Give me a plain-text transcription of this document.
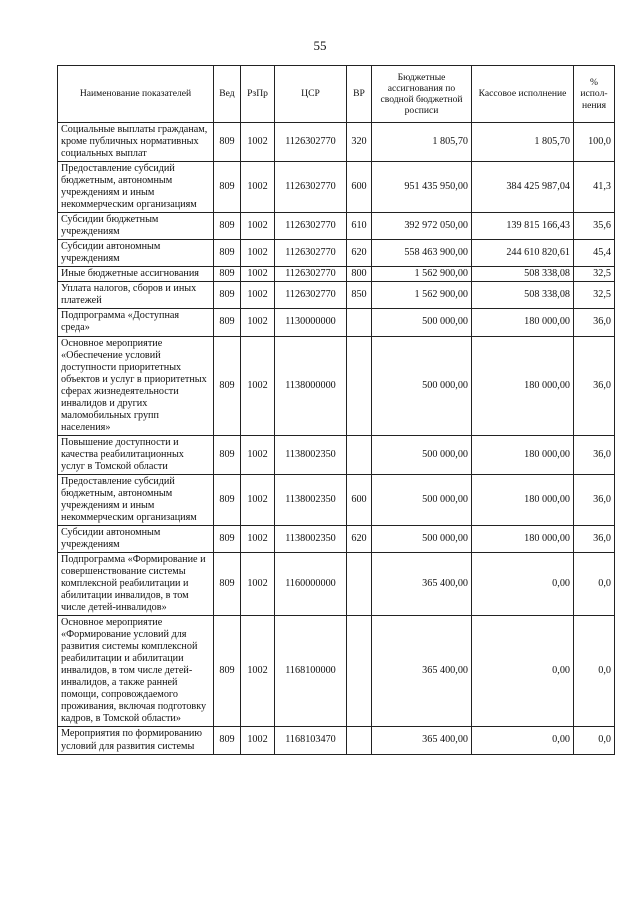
55
Наименование показателей	Вед	РзПр	ЦСР	ВР	Бюджетные ассигнования по сводной бюджетной росписи	Кассовое исполнение	% испол-нения
Социальные выплаты гражданам, кроме публичных нормативных социальных выплат	809	1002	1126302770	320	1 805,70	1 805,70	100,0
Предоставление субсидий бюджетным, автономным учреждениям и иным некоммерческим организациям	809	1002	1126302770	600	951 435 950,00	384 425 987,04	41,3
Субсидии бюджетным учреждениям	809	1002	1126302770	610	392 972 050,00	139 815 166,43	35,6
Субсидии автономным учреждениям	809	1002	1126302770	620	558 463 900,00	244 610 820,61	45,4
Иные бюджетные ассигнования	809	1002	1126302770	800	1 562 900,00	508 338,08	32,5
Уплата налогов, сборов и иных платежей	809	1002	1126302770	850	1 562 900,00	508 338,08	32,5
Подпрограмма «Доступная среда»	809	1002	1130000000		500 000,00	180 000,00	36,0
Основное мероприятие «Обеспечение условий доступности приоритетных объектов и услуг в приоритетных сферах жизнедеятельности инвалидов и других маломобильных групп населения»	809	1002	1138000000		500 000,00	180 000,00	36,0
Повышение доступности и качества реабилитационных услуг в Томской области	809	1002	1138002350		500 000,00	180 000,00	36,0
Предоставление субсидий бюджетным, автономным учреждениям и иным некоммерческим организациям	809	1002	1138002350	600	500 000,00	180 000,00	36,0
Субсидии автономным учреждениям	809	1002	1138002350	620	500 000,00	180 000,00	36,0
Подпрограмма «Формирование и совершенствование системы комплексной реабилитации и абилитации инвалидов, в том числе детей-инвалидов»	809	1002	1160000000		365 400,00	0,00	0,0
Основное мероприятие «Формирование условий для развития системы комплексной реабилитации и абилитации инвалидов, в том числе детей-инвалидов, а также ранней помощи, сопровождаемого проживания, включая подготовку кадров, в Томской области»	809	1002	1168100000		365 400,00	0,00	0,0
Мероприятия по формированию условий для развития системы	809	1002	1168103470		365 400,00	0,00	0,0
